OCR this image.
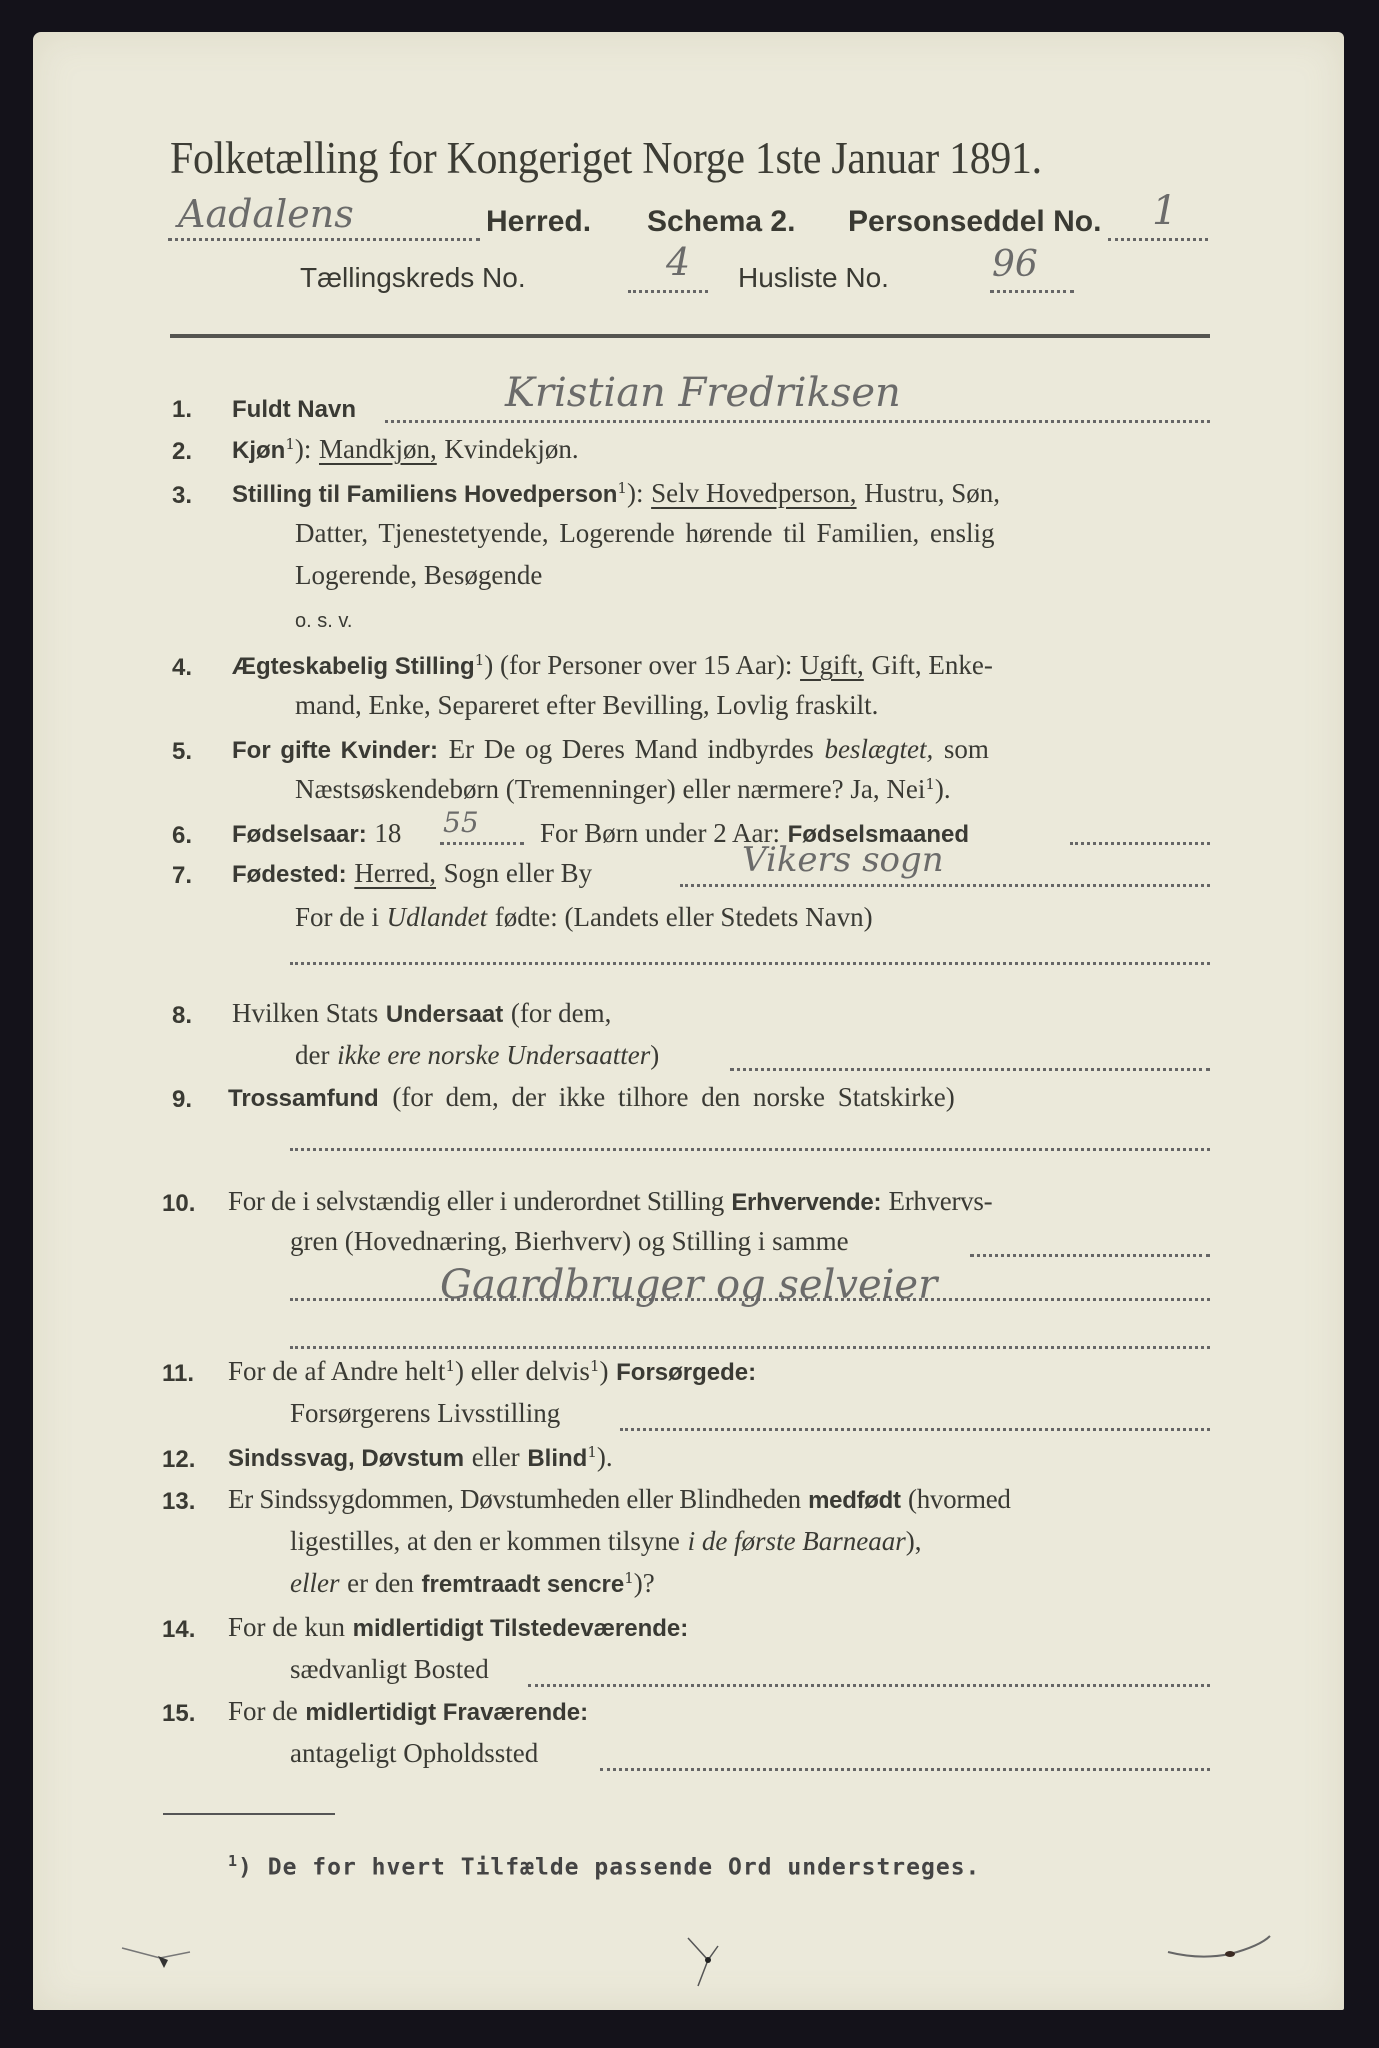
Folketælling for Kongeriget Norge 1ste Januar 1891.
Aadalens	Herred. Schema 2. Personseddel No. 1
Tællingskreds No.	4 Husliste No.	96
1. Fuldt Navn	Kristian Fredriksen
2. Kjøn$^1$): Mandkjøn, Kvindekjøn.
3. Stilling til Familiens Hovedperson$^1$): Selv Hovedperson, Hustru, Søn,
Datter, Tjenestetyende, Logerende hørende til Familien, enslig
Logerende, Besøgende
o. s. v.
4. Ægteskabelig Stilling$^1$) (for Personer over 15 Aar): Ugift, Gift, Enke-
mand, Enke, Separeret efter Bevilling, Lovlig fraskilt.
5. For gifte Kvinder: Er De og Deres Mand indbyrdes beslægtet, som
Næstsøskendebørn (Tremenninger) eller nærmere? Ja, Nei$^1$).
6. Fødselsaar: 18 55 For Børn under 2 Aar: Fødselsmaaned
7. Fødested: Herred, Sogn eller By	Vikers sogn
For de i Udlandet fødte: (Landets eller Stedets Navn)
8. Hvilken Stats Undersaat (for dem,
der ikke ere norske Undersaatter)
9. Trossamfund (for dem, der ikke tilhore den norske Statskirke)
10. For de i selvstændig eller i underordnet Stilling Erhvervende: Erhvervs-
gren (Hovednæring, Bierhverv) og Stilling i samme
Gaardbruger og selveier
11. For de af Andre helt$^1$) eller delvis$^1$) Forsørgede:
Forsørgerens Livsstilling
12. Sindssvag, Døvstum eller Blind$^1$).
13. Er Sindssygdommen, Døvstumheden eller Blindheden medfødt (hvormed
ligestilles, at den er kommen tilsyne i de første Barneaar),
eller er den fremtraadt sencre$^1$)?
14. For de kun midlertidigt Tilstedeværende:
sædvanligt Bosted
15. For de midlertidigt Fraværende:
antageligt Opholdssted
$^1$) De for hvert Tilfælde passende Ord understreges.
